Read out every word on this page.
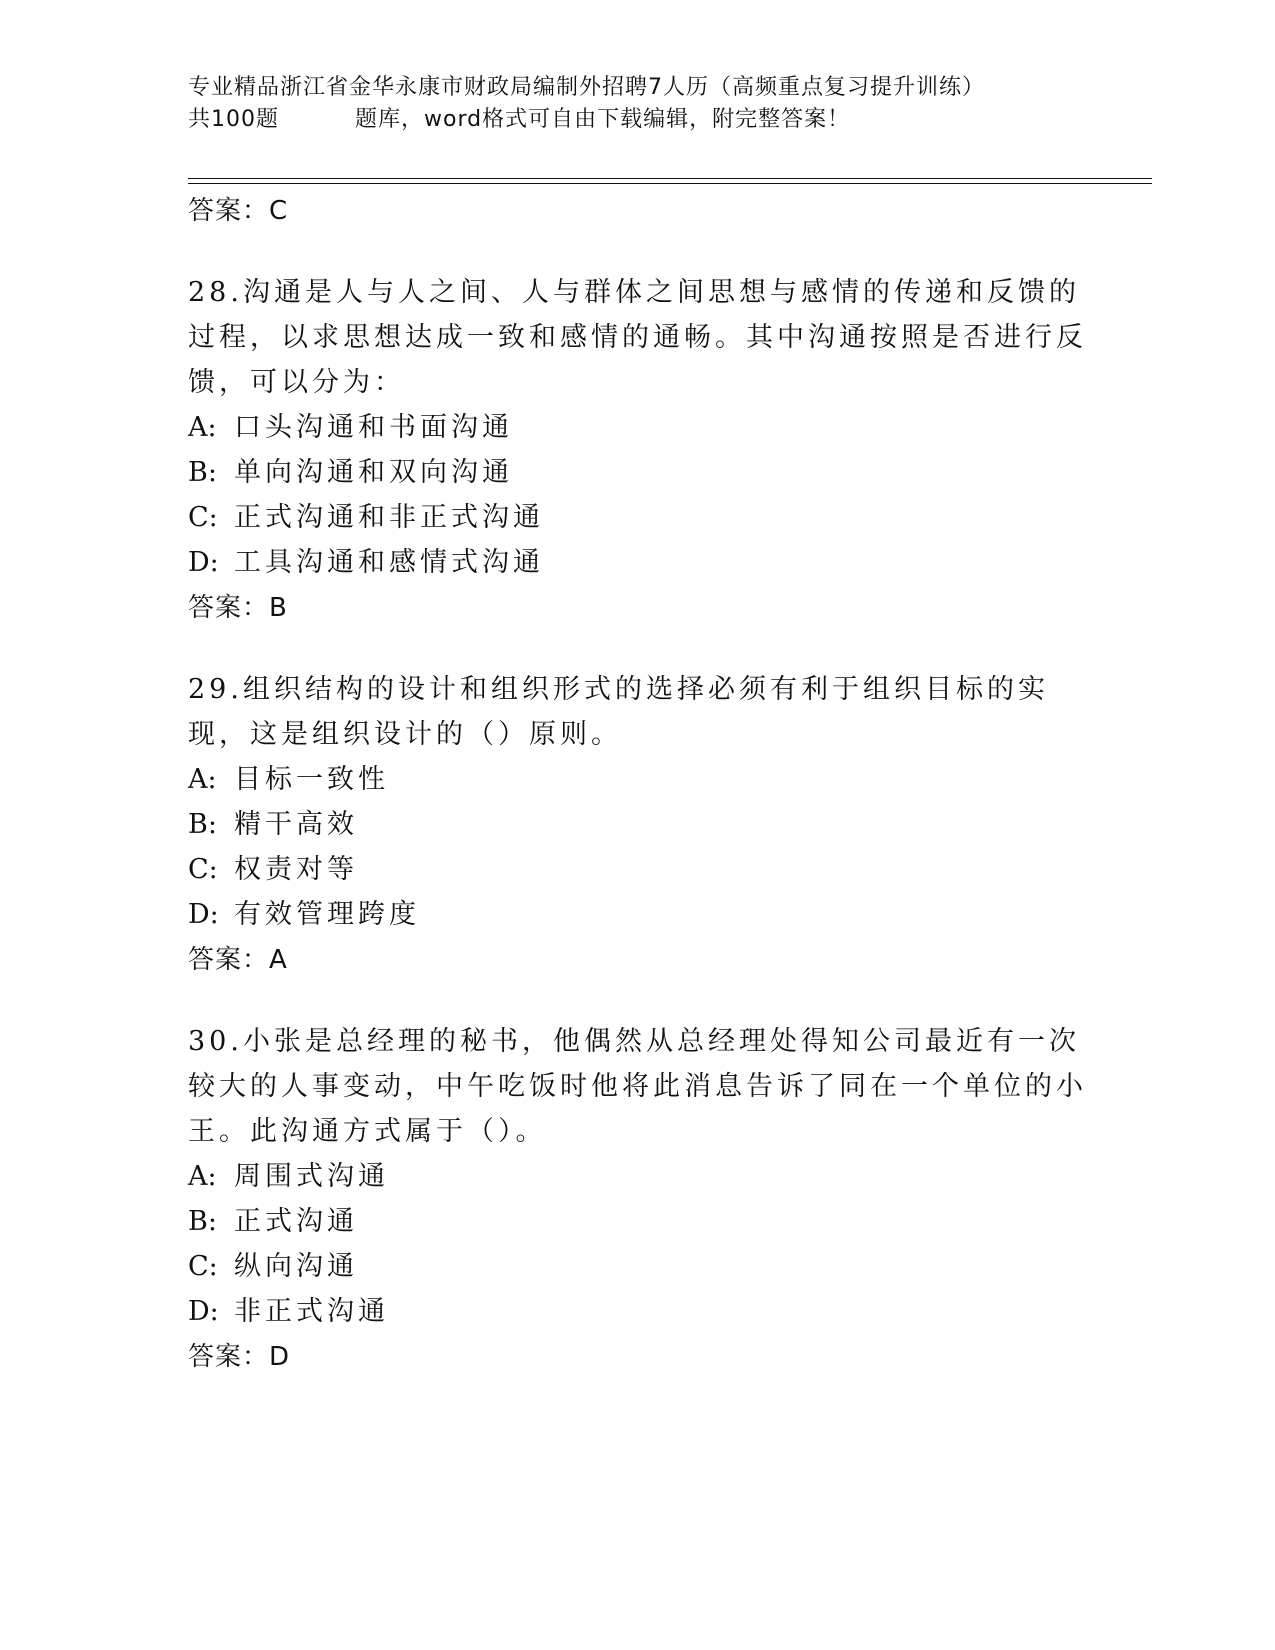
专业精品浙江省金华永康市财政局编制外招聘7人历（高频重点复习提升训练）
共100题	题库，word格式可自由下载编辑，附完整答案！
答案：C
28.沟通是人与人之间、人与群体之间思想与感情的传递和反馈的过程，以求思想达成一致和感情的通畅。其中沟通按照是否进行反馈，可以分为：
A: 口头沟通和书面沟通
B: 单向沟通和双向沟通
C: 正式沟通和非正式沟通
D: 工具沟通和感情式沟通
答案：B
29.组织结构的设计和组织形式的选择必须有利于组织目标的实现，这是组织设计的（）原则。
A: 目标一致性
B: 精干高效
C: 权责对等
D: 有效管理跨度
答案：A
30.小张是总经理的秘书，他偶然从总经理处得知公司最近有一次较大的人事变动，中午吃饭时他将此消息告诉了同在一个单位的小王。此沟通方式属于（）。
A: 周围式沟通
B: 正式沟通
C: 纵向沟通
D: 非正式沟通
答案：D
